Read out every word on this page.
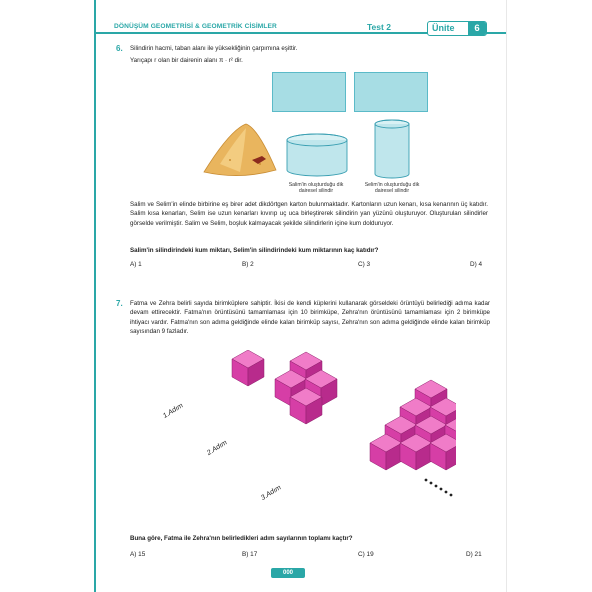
DÖNÜŞÜM GEOMETRİSİ & GEOMETRİK CİSİMLER	Test 2	Ünite	6
6. Silindirin hacmi, taban alanı ile yüksekliğinin çarpımına eşittir.
Yarıçapı r olan bir dairenin alanı π · r² dir.
Salim'in oluşturduğu dik dairesel silindir
Selim'in oluşturduğu dik dairesel silindir
Salim ve Selim'in elinde birbirine eş birer adet dikdörtgen karton bulunmaktadır. Kartonların uzun kenarı, kısa kenarının üç katıdır. Salim kısa kenarları, Selim ise uzun kenarları kıvırıp uç uca birleştirerek silindirin yan yüzünü oluşturuyor. Oluşturulan silindirler görselde verilmiştir. Salim ve Selim, boşluk kalmayacak şekilde silindirlerin içine kum dolduruyor.
Salim'in silindirindeki kum miktarı, Selim'in silindirindeki kum miktarının kaç katıdır?
A) 1	B) 2	C) 3	D) 4
7. Fatma ve Zehra belirli sayıda birimküplere sahiptir. İkisi de kendi küplerini kullanarak görseldeki örüntüyü belirlediği adıma kadar devam ettirecektir. Fatma'nın örüntüsünü tamamlaması için 10 birimküpe, Zehra'nın örüntüsünü tamamlaması için 2 birimküpe ihtiyacı vardır. Fatma'nın son adıma geldiğinde elinde kalan birimküp sayısı, Zehra'nın son adıma geldiğinde elinde kalan birimküp sayısından 9 fazladır.
1.Adım
2.Adım
3.Adım
Buna göre, Fatma ile Zehra'nın belirledikleri adım sayılarının toplamı kaçtır?
A) 15	B) 17	C) 19	D) 21
000
